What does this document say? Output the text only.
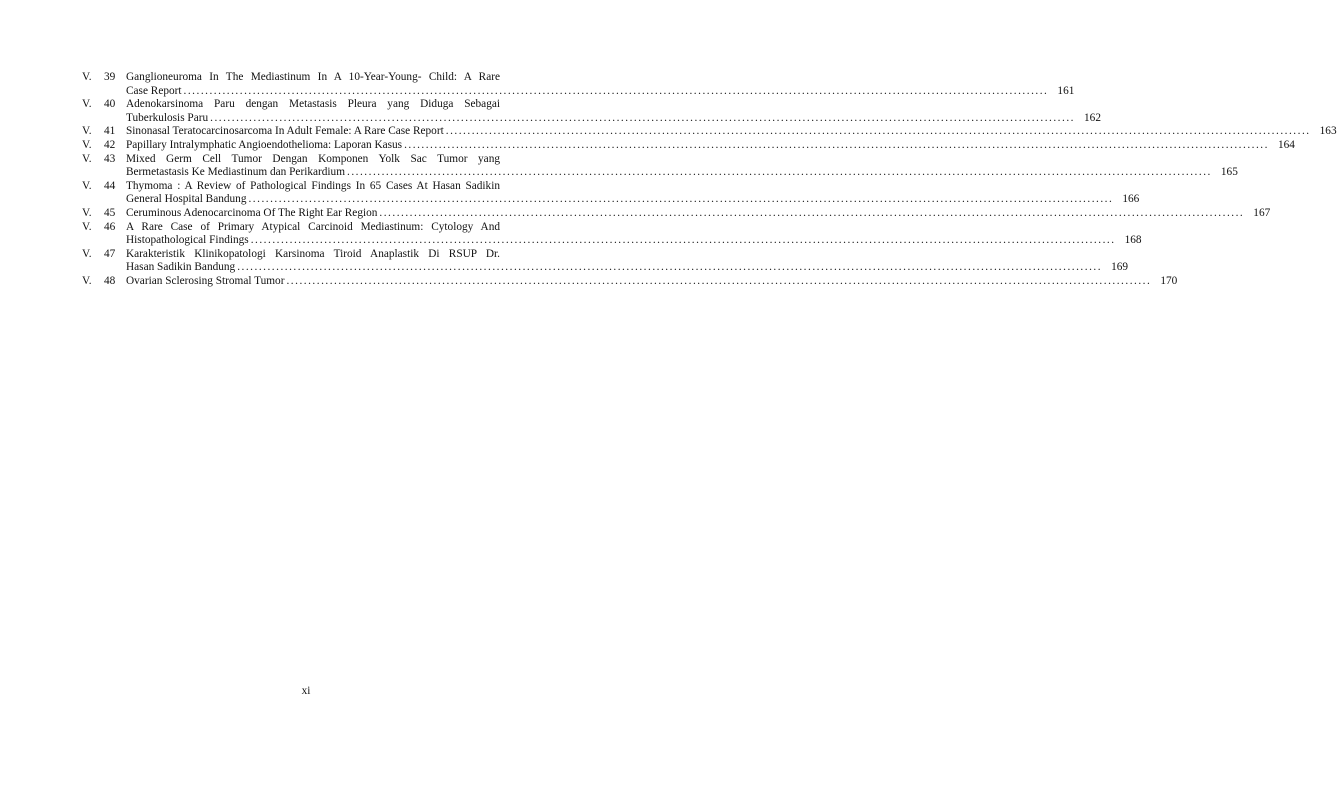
V.	39 Ganglioneuroma In The Mediastinum In A 10-Year-Young- Child: A Rare
Case Report ........................................................................................................................................................................................................ 161
V.	40 Adenokarsinoma Paru dengan Metastasis Pleura yang Diduga Sebagai
Tuberkulosis Paru ........................................................................................................................................................................................................ 162
V.	41 Sinonasal Teratocarcinosarcoma In Adult Female: A Rare Case Report ........................................................................................................................................................................................................ 163
V.	42 Papillary Intralymphatic Angioendothelioma: Laporan Kasus ........................................................................................................................................................................................................ 164
V.	43 Mixed Germ Cell Tumor Dengan Komponen Yolk Sac Tumor yang
Bermetastasis Ke Mediastinum dan Perikardium ........................................................................................................................................................................................................ 165
V.	44 Thymoma : A Review of Pathological Findings In 65 Cases At Hasan Sadikin
General Hospital Bandung ........................................................................................................................................................................................................ 166
V.	45 Ceruminous Adenocarcinoma Of The Right Ear Region ........................................................................................................................................................................................................ 167
V.	46 A Rare Case of Primary Atypical Carcinoid Mediastinum: Cytology And
Histopathological Findings ........................................................................................................................................................................................................ 168
V.	47 Karakteristik Klinikopatologi Karsinoma Tiroid Anaplastik Di RSUP Dr.
Hasan Sadikin Bandung ........................................................................................................................................................................................................ 169
V.	48 Ovarian Sclerosing Stromal Tumor ........................................................................................................................................................................................................ 170
xi
